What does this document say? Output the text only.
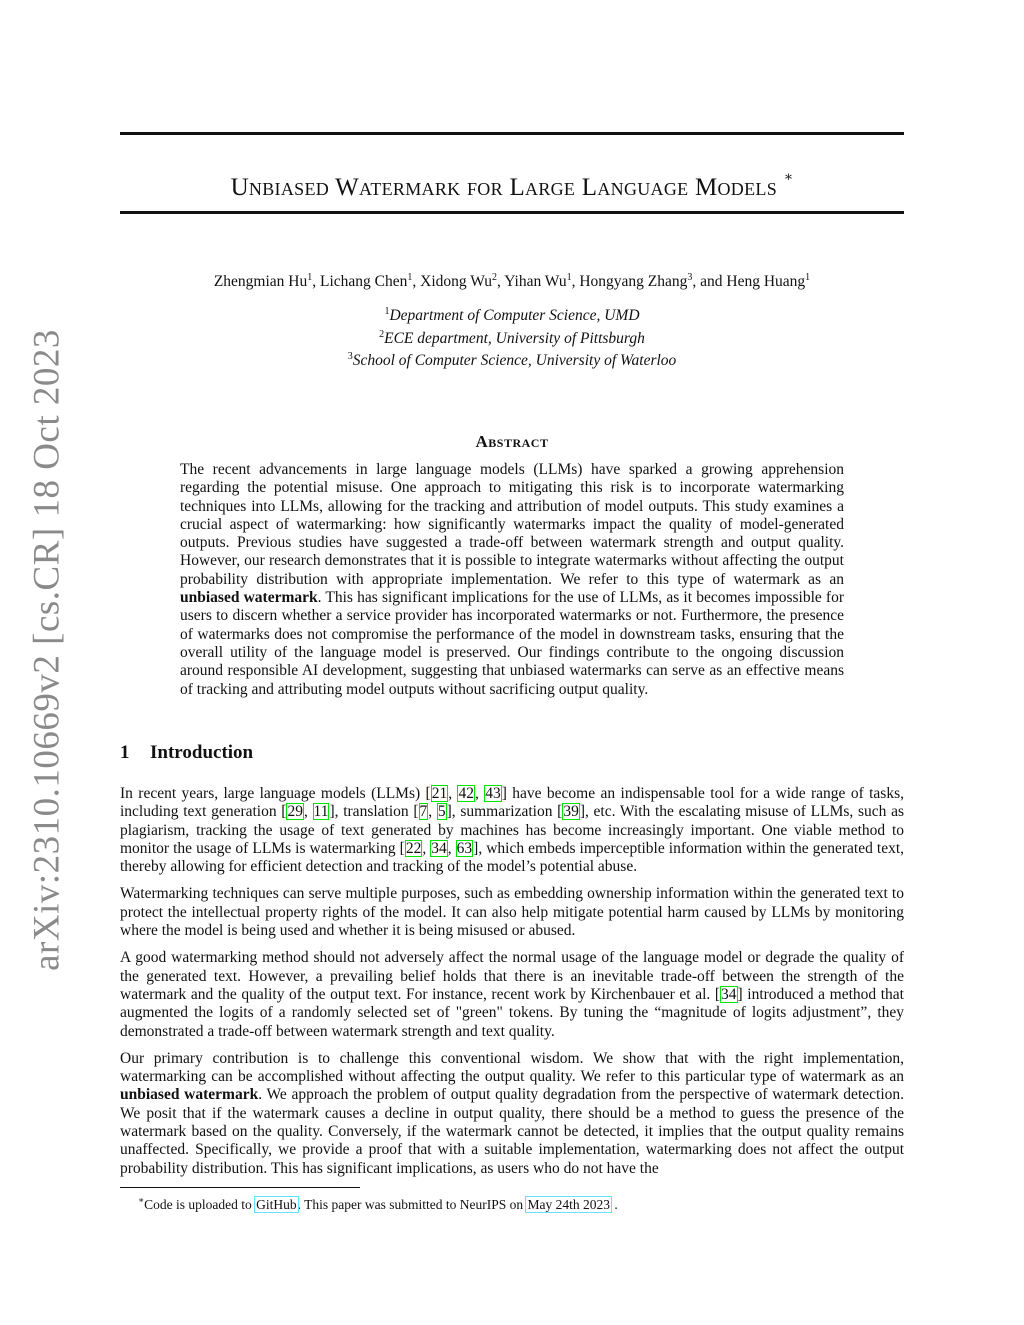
arXiv:2310.10669v2 [cs.CR] 18 Oct 2023
Unbiased Watermark for Large Language Models ∗
Zhengmian Hu$^1$, Lichang Chen$^1$, Xidong Wu$^2$, Yihan Wu$^1$, Hongyang Zhang$^3$, and Heng Huang$^1$
$^1$Department of Computer Science, UMD
$^2$ECE department, University of Pittsburgh
$^3$School of Computer Science, University of Waterloo
Abstract
The recent advancements in large language models (LLMs) have sparked a growing apprehension regarding the potential misuse. One approach to mitigating this risk is to incorporate watermarking techniques into LLMs, allowing for the tracking and attribution of model outputs. This study examines a crucial aspect of watermarking: how significantly watermarks impact the quality of model-generated outputs. Previous studies have suggested a trade-off between watermark strength and output quality. However, our research demonstrates that it is possible to integrate watermarks without affecting the output probability distribution with appropriate implementation. We refer to this type of watermark as an unbiased watermark. This has significant implications for the use of LLMs, as it becomes impossible for users to discern whether a service provider has incorporated watermarks or not. Furthermore, the presence of watermarks does not compromise the performance of the model in downstream tasks, ensuring that the overall utility of the language model is preserved. Our findings contribute to the ongoing discussion around responsible AI development, suggesting that unbiased watermarks can serve as an effective means of tracking and attributing model outputs without sacrificing output quality.
1 Introduction

In recent years, large language models (LLMs) [21, 42, 43] have become an indispensable tool for a wide range of tasks, including text generation [29, 11], translation [7, 5], summarization [39], etc. With the escalating misuse of LLMs, such as plagiarism, tracking the usage of text generated by machines has become increasingly important. One viable method to monitor the usage of LLMs is watermarking [22, 34, 63], which embeds imperceptible information within the generated text, thereby allowing for efficient detection and tracking of the model’s potential abuse.

Watermarking techniques can serve multiple purposes, such as embedding ownership information within the generated text to protect the intellectual property rights of the model. It can also help mitigate potential harm caused by LLMs by monitoring where the model is being used and whether it is being misused or abused.

A good watermarking method should not adversely affect the normal usage of the language model or degrade the quality of the generated text. However, a prevailing belief holds that there is an inevitable trade-off between the strength of the watermark and the quality of the output text. For instance, recent work by Kirchenbauer et al. [34] introduced a method that augmented the logits of a randomly selected set of "green" tokens. By tuning the “magnitude of logits adjustment”, they demonstrated a trade-off between watermark strength and text quality.

Our primary contribution is to challenge this conventional wisdom. We show that with the right implementation, watermarking can be accomplished without affecting the output quality. We refer to this particular type of watermark as an unbiased watermark. We approach the problem of output quality degradation from the perspective of watermark detection. We posit that if the watermark causes a decline in output quality, there should be a method to guess the presence of the watermark based on the quality. Conversely, if the watermark cannot be detected, it implies that the output quality remains unaffected. Specifically, we provide a proof that with a suitable implementation, watermarking does not affect the output probability distribution. This has significant implications, as users who do not have the

∗Code is uploaded to GitHub. This paper was submitted to NeurIPS on May 24th 2023 .
